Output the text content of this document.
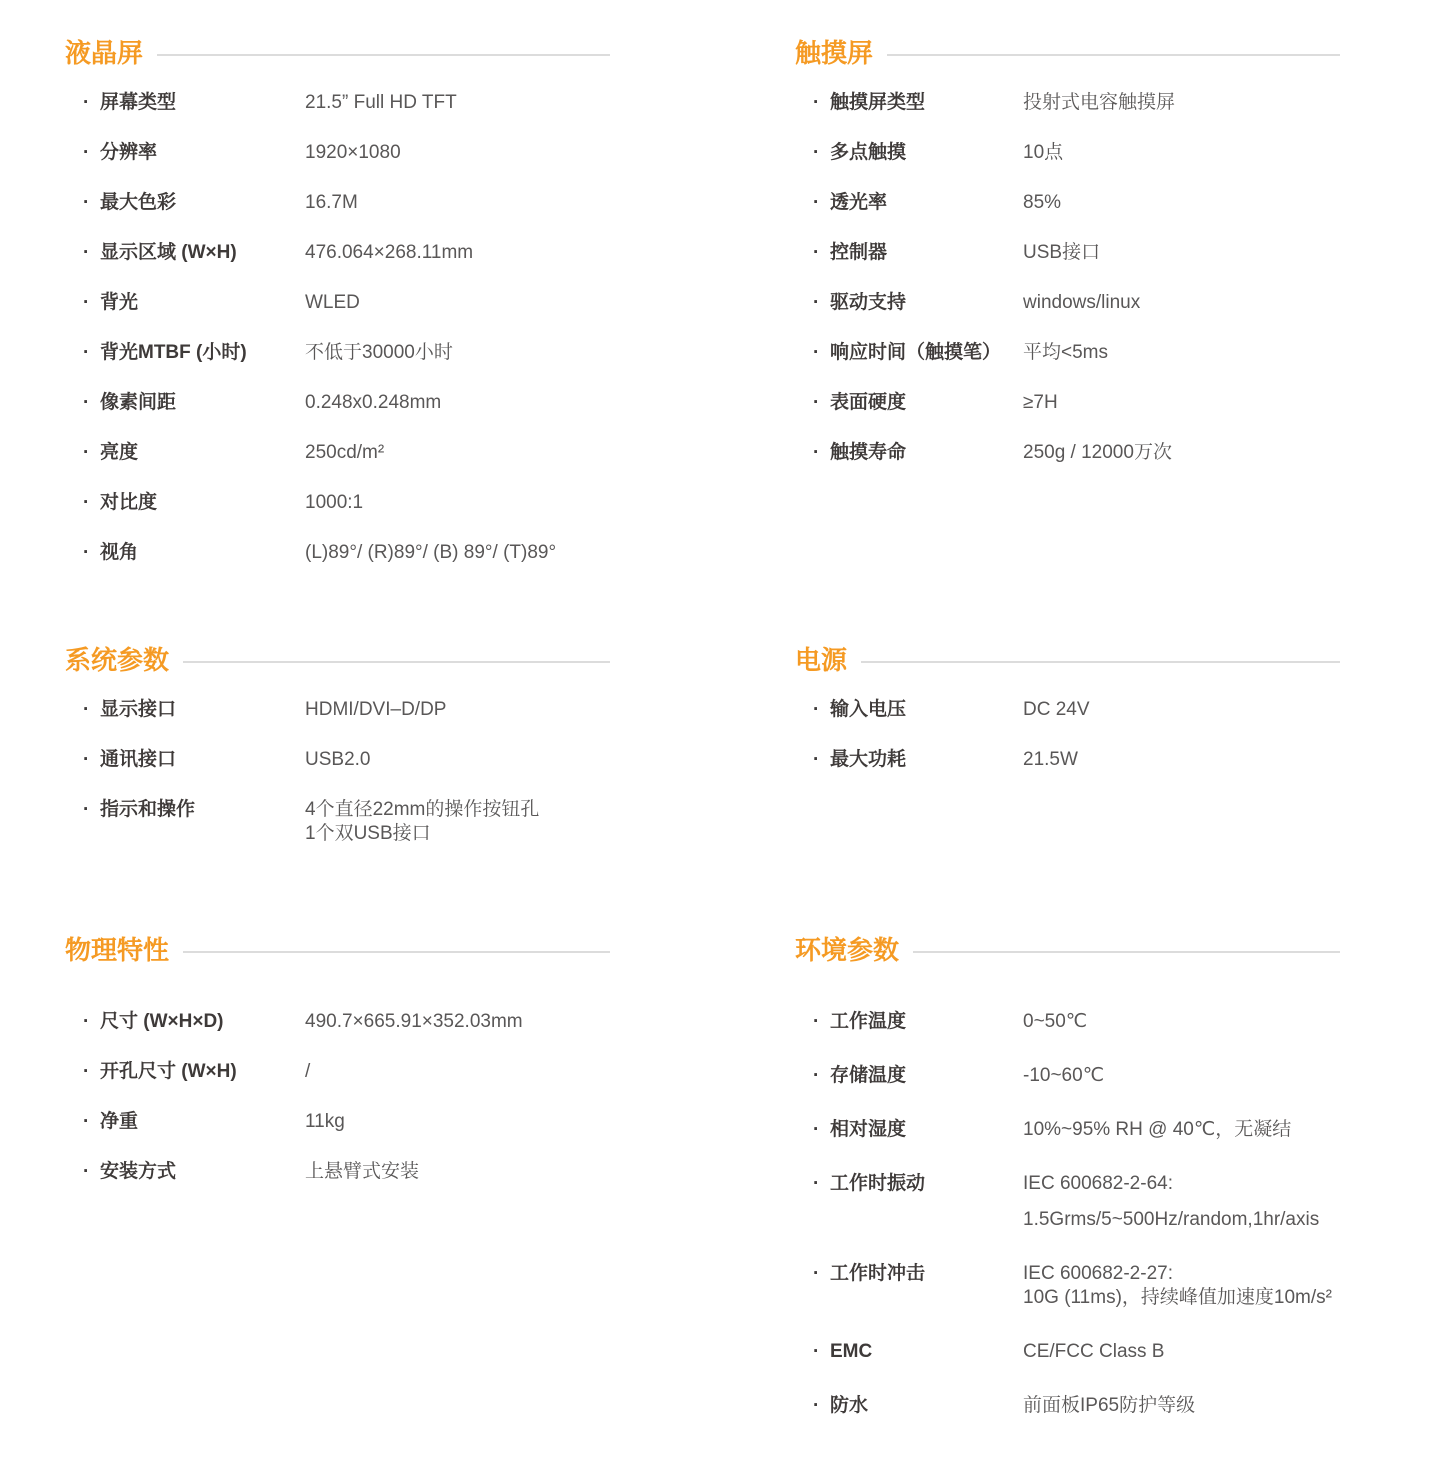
液晶屏
· 屏幕类型	21.5” Full HD TFT
· 分辨率	1920×1080
· 最大色彩	16.7M
· 显示区域 (W×H)	476.064×268.11mm
· 背光	WLED
· 背光MTBF (小时)	不低于30000小时
· 像素间距	0.248x0.248mm
· 亮度	250cd/m²
· 对比度	1000:1
· 视角	(L)89°/ (R)89°/ (B) 89°/ (T)89°
触摸屏
· 触摸屏类型	投射式电容触摸屏
· 多点触摸	10点
· 透光率	85%
· 控制器	USB接口
· 驱动支持	windows/linux
· 响应时间（触摸笔）	平均<5ms
· 表面硬度	≥7H
· 触摸寿命	250g / 12000万次
系统参数
· 显示接口	HDMI/DVI–D/DP
· 通讯接口	USB2.0
· 指示和操作	4个直径22mm的操作按钮孔
1个双USB接口
电源
· 输入电压	DC 24V
· 最大功耗	21.5W
物理特性
· 尺寸 (W×H×D)	490.7×665.91×352.03mm
· 开孔尺寸 (W×H)	/
· 净重	11kg
· 安装方式	上悬臂式安装
环境参数
· 工作温度	0~50℃
· 存储温度	-10~60℃
· 相对湿度	10%~95% RH @ 40℃，无凝结
· 工作时振动	IEC 600682-2-64:
1.5Grms/5~500Hz/random,1hr/axis
· 工作时冲击	IEC 600682-2-27:
10G (11ms)，持续峰值加速度10m/s²
· EMC	CE/FCC Class B
· 防水	前面板IP65防护等级
